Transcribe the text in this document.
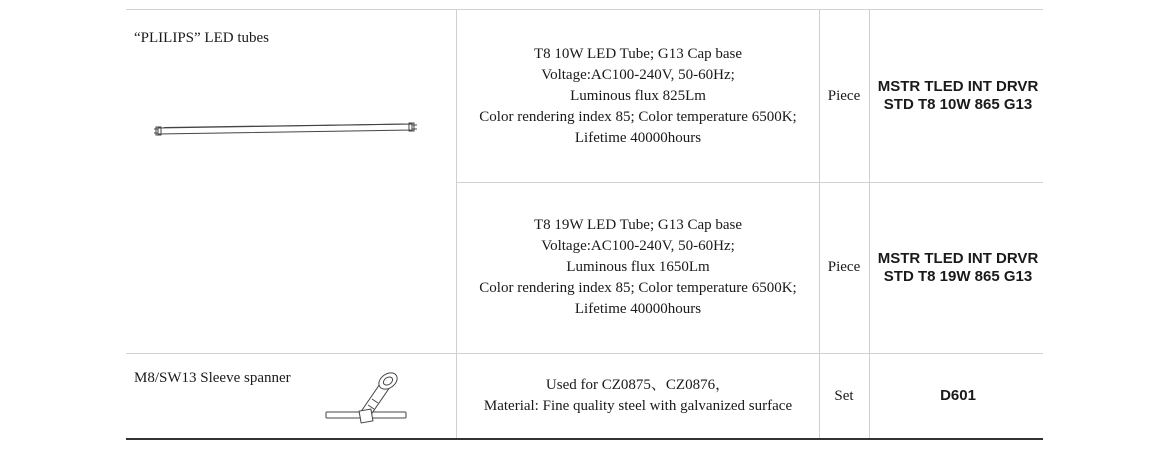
“PLILIPS” LED tubes
T8 10W LED Tube; G13 Cap base
Voltage:AC100-240V, 50-60Hz;
Luminous flux 825Lm
Color rendering index 85; Color temperature 6500K;
Lifetime 40000hours
Piece
MSTR TLED INT DRVR
STD T8 10W 865 G13
T8 19W LED Tube; G13 Cap base
Voltage:AC100-240V, 50-60Hz;
Luminous flux 1650Lm
Color rendering index 85; Color temperature 6500K;
Lifetime 40000hours
Piece
MSTR TLED INT DRVR
STD T8 19W 865 G13
M8/SW13 Sleeve spanner	Used for CZ0875、CZ0876，
Material: Fine quality steel with galvanized surface
Set	D601
